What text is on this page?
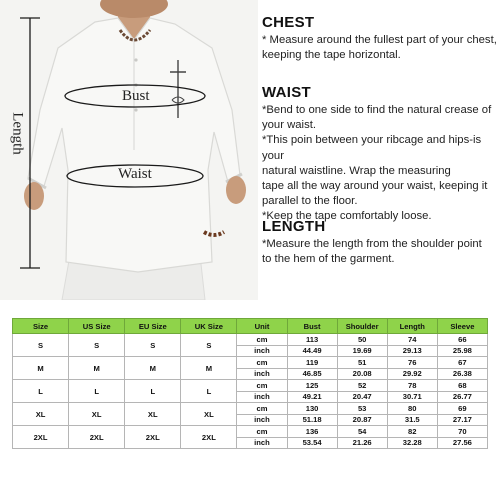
Bust
Waist
Length
CHEST
* Measure around the fullest part of your chest,
keeping the tape horizontal.
WAIST
*Bend to one side to find the natural crease of
your waist.
*This poin between your ribcage and hips-is your
natural waistline. Wrap the measuring
tape all the way around your waist, keeping it
parallel to the floor.
*Keep the tape comfortably loose.
LENGTH
*Measure the length from the shoulder point
to the hem of the garment.
Size	US Size	EU Size	UK Size	Unit	Bust	Shoulder	Length	Sleeve
S	S	S	S	cm	113	50	74	66
				inch	44.49	19.69	29.13	25.98
M	M	M	M	cm	119	51	76	67
				inch	46.85	20.08	29.92	26.38
L	L	L	L	cm	125	52	78	68
				inch	49.21	20.47	30.71	26.77
XL	XL	XL	XL	cm	130	53	80	69
				inch	51.18	20.87	31.5	27.17
2XL	2XL	2XL	2XL	cm	136	54	82	70
				inch	53.54	21.26	32.28	27.56
